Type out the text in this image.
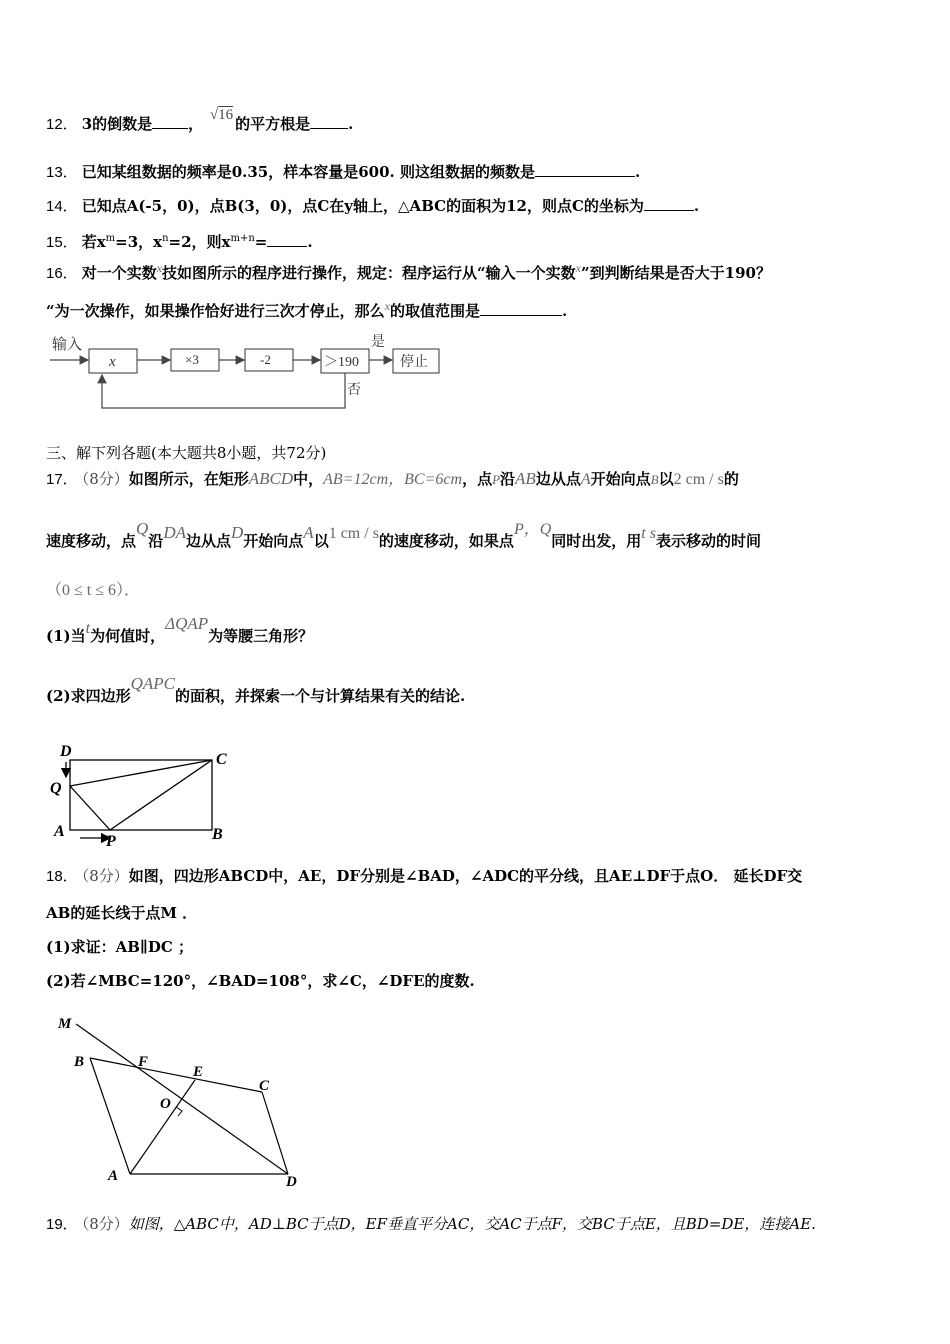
12． 3的倒数是 ， √16 的平方根是	.
13． 已知某组数据的频率是0.35，样本容量是600. 则这组数据的频数是	.
14． 已知点A(-5，0)，点B(3，0)，点C在y轴上，△ABC的面积为12，则点C的坐标为	.
15． 若$x^m=3$，$x^n=2$，则$x^{m+n}=$	.
16． 对一个实数$^x$技如图所示的程序进行操作，规定：程序运行从“输入一个实数$^x$”到判断结果是否大于190？
“为一次操作，如果操作恰好进行三次才停止，那么$^x$的取值范围是	.
输入
x	×3	-2	＞190
是
停止
否
三、解下列各题(本大题共8小题，共72分)
17． （8分）如图所示，在矩形ABCD中，AB=12cm，BC=6cm，点P沿AB边从点A开始向点B以2 cm / s的
速度移动，点Q沿DA边从点D开始向点A以1 cm / s的速度移动，如果点P，Q同时出发，用t s表示移动的时间
（0 ≤ t ≤ 6）．
(1)当t为何值时，ΔQAP为等腰三角形？
(2)求四边形QAPC的面积，并探索一个与计算结果有关的结论.
D	C
Q
A
P	B
18． （8分）如图，四边形ABCD中，AE，DF分别是∠BAD，∠ADC的平分线，且AE⊥DF于点O． 延长DF交
AB的延长线于点M ．
(1)求证：AB∥DC ；
(2)若∠MBC=120°，∠BAD=108°，求∠C，∠DFE的度数.
M
B	F
E
C
O
A	D
19． （8分）如图，△ABC中，AD⊥BC于点D，EF垂直平分AC，交AC于点F，交BC于点E，且BD=DE，连接AE.
